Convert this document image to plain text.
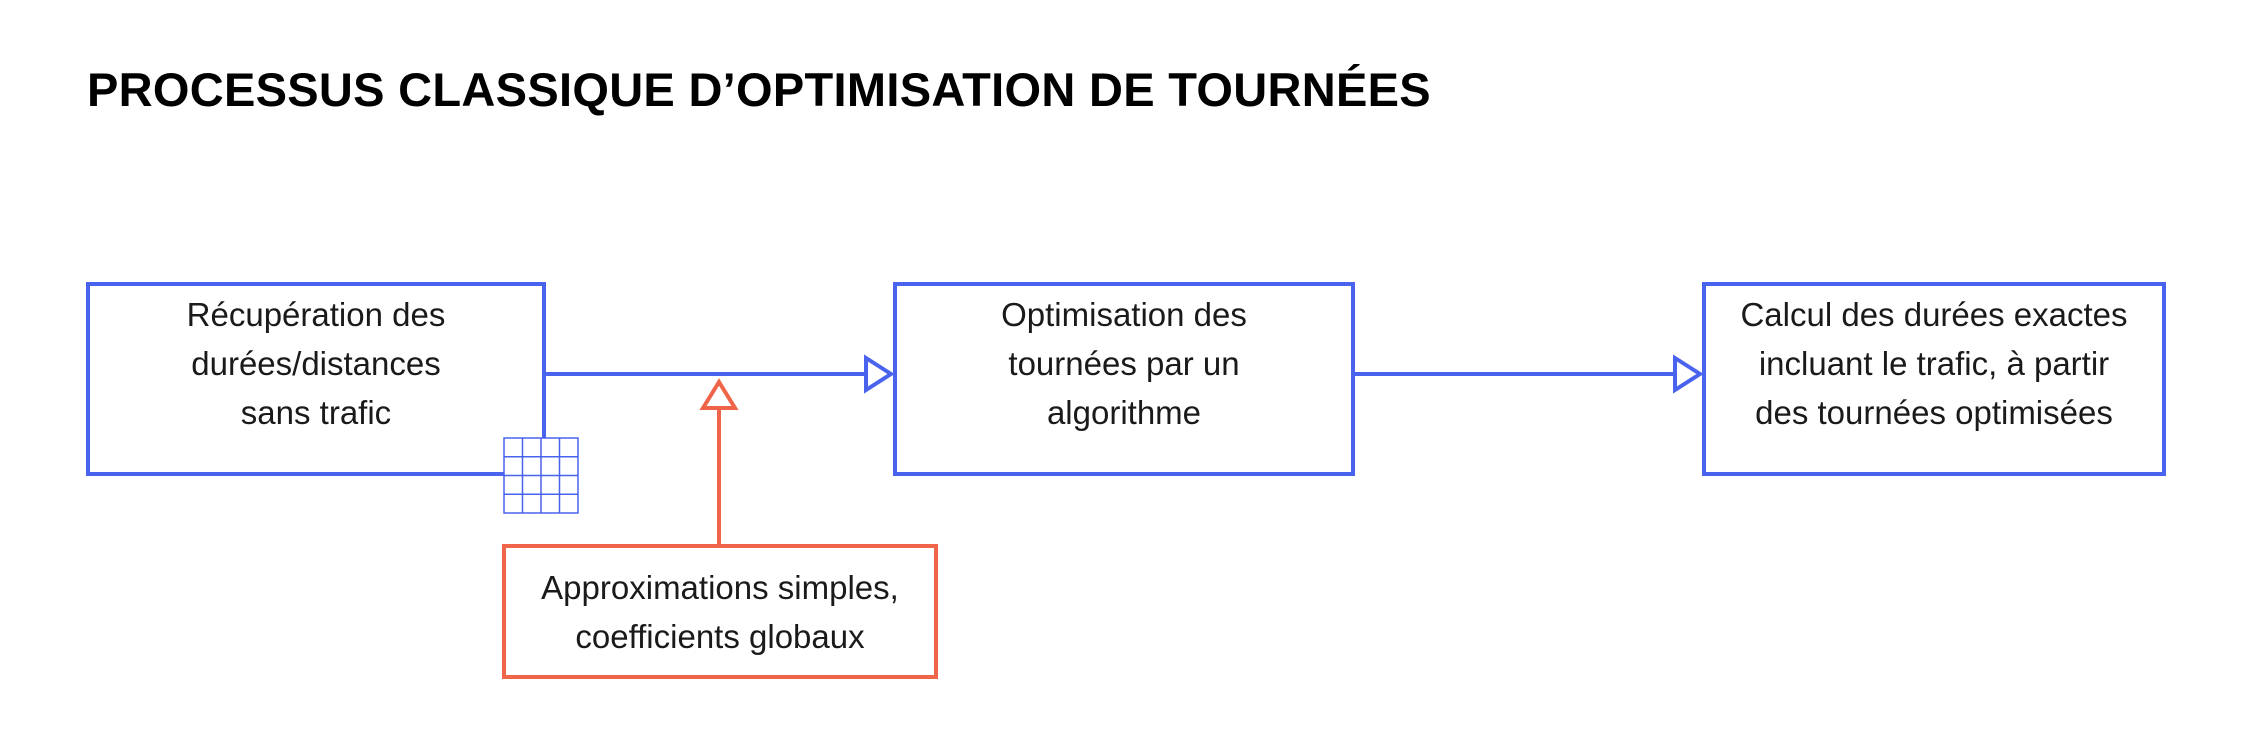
PROCESSUS CLASSIQUE D’OPTIMISATION DE TOURNÉES
Récupération des
durées/distances
sans trafic
Optimisation des
tournées par un
algorithme
Calcul des durées exactes
incluant le trafic, à partir
des tournées optimisées
Approximations simples,
coefficients globaux
